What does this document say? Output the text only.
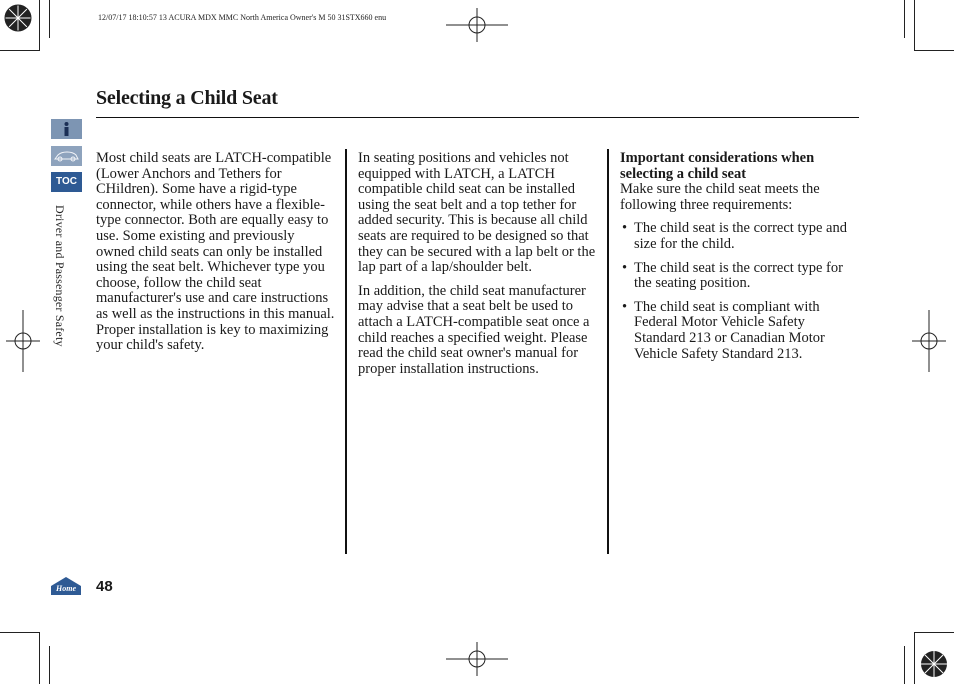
12/07/17 18:10:57 13 ACURA MDX MMC North America Owner's M 50 31STX660 enu
Selecting a Child Seat
TOC
Driver and Passenger Safety

Most child seats are LATCH-compatible (Lower Anchors and Tethers for CHildren). Some have a rigid-type connector, while others have a flexible-type connector. Both are equally easy to use. Some existing and previously owned child seats can only be installed using the seat belt. Whichever type you choose, follow the child seat manufacturer's use and care instructions as well as the instructions in this manual. Proper installation is key to maximizing your child's safety.

In seating positions and vehicles not equipped with LATCH, a LATCH compatible child seat can be installed using the seat belt and a top tether for added security. This is because all child seats are required to be designed so that they can be secured with a lap belt or the lap part of a lap/shoulder belt.

In addition, the child seat manufacturer may advise that a seat belt be used to attach a LATCH-compatible seat once a child reaches a specified weight. Please read the child seat owner's manual for proper installation instructions.

Important considerations when selecting a child seat
Make sure the child seat meets the following three requirements:
• The child seat is the correct type and size for the child.
• The child seat is the correct type for the seating position.
• The child seat is compliant with Federal Motor Vehicle Safety Standard 213 or Canadian Motor Vehicle Safety Standard 213.
Home 48
